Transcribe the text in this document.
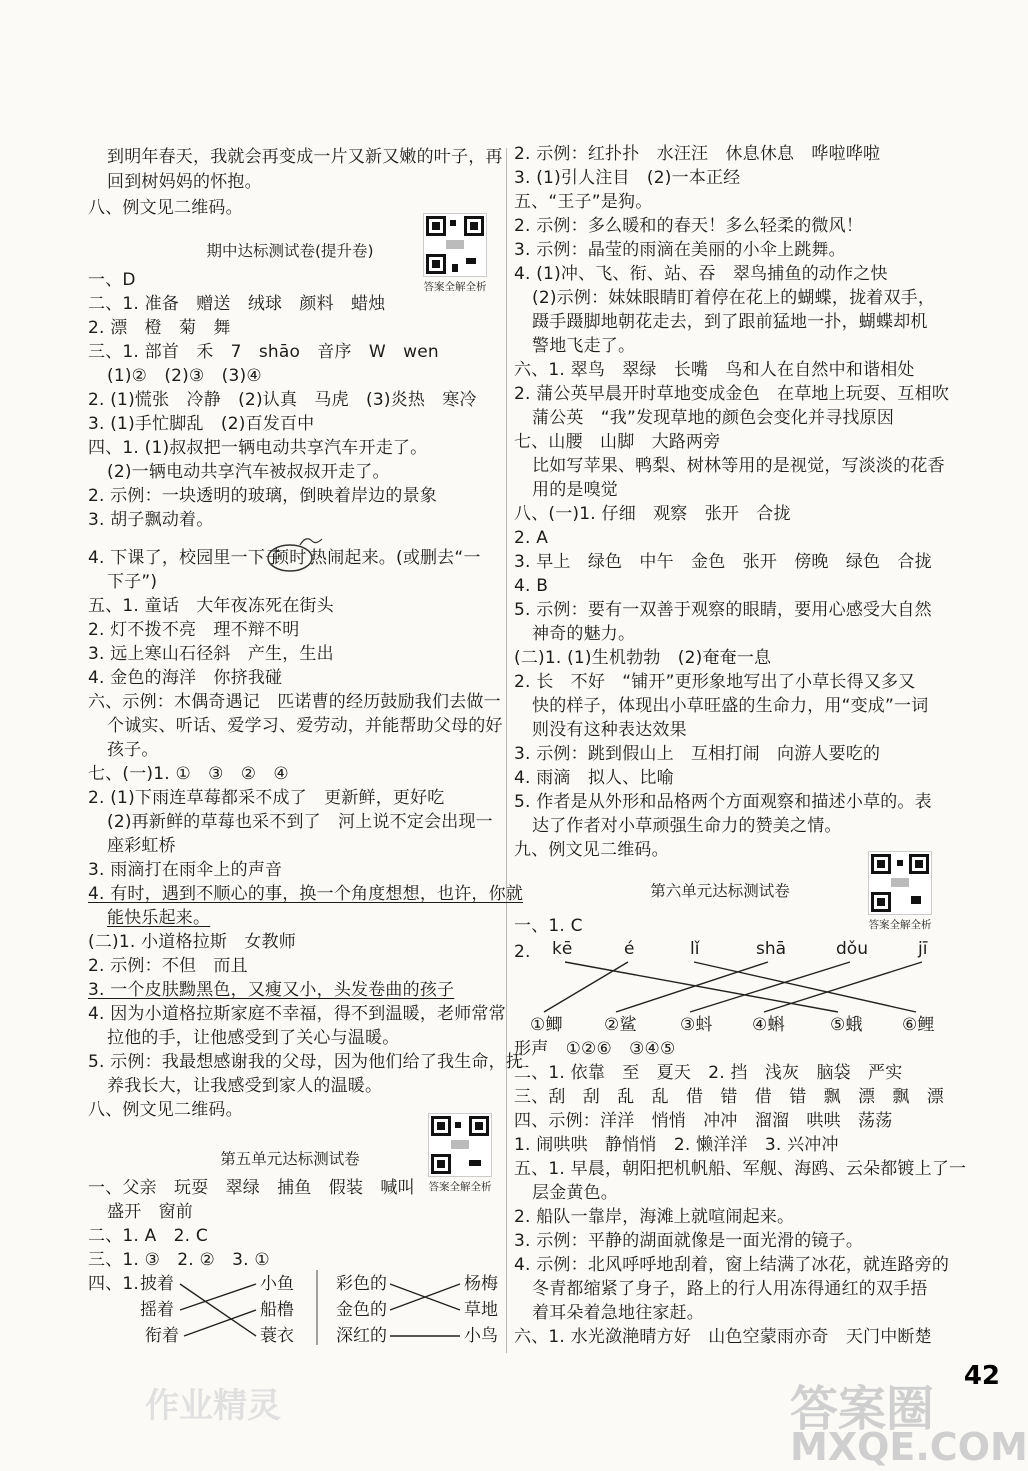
答案全解全析
答案全解全析
答案全解全析
到明年春天，我就会再变成一片又新又嫩的叶子，再
回到树妈妈的怀抱。
八、例文见二维码。
期中达标测试卷(提升卷)
一、D
二、1. 准备　赠送　绒球　颜料　蜡烛
2. 漂　橙　菊　舞
三、1. 部首　禾　7　shāo　音序　W　wen
(1)②　(2)③　(3)④
2. (1)慌张　冷静　(2)认真　马虎　(3)炎热　寒冷
3. (1)手忙脚乱　(2)百发百中
四、1. (1)叔叔把一辆电动共享汽车开走了。
(2)一辆电动共享汽车被叔叔开走了。
2. 示例：一块透明的玻璃，倒映着岸边的景象
3. 胡子飘动着。
4. 下课了，校园里一下子
顿时 热闹起来。(或删去“一
下子”)
五、1. 童话　大年夜冻死在街头
2. 灯不拨不亮　理不辩不明
3. 远上寒山石径斜　产生，生出
4. 金色的海洋　你挤我碰
六、示例：木偶奇遇记　匹诺曹的经历鼓励我们去做一
个诚实、听话、爱学习、爱劳动，并能帮助父母的好
孩子。
七、(一)1. ①　③　②　④
2. (1)下雨连草莓都采不成了　更新鲜，更好吃
(2)再新鲜的草莓也采不到了　河上说不定会出现一
座彩虹桥
3. 雨滴打在雨伞上的声音
4. 有时，遇到不顺心的事，换一个角度想想，也许，你就
能快乐起来。
(二)1. 小道格拉斯　女教师
2. 示例：不但　而且
3. 一个皮肤黝黑色，又瘦又小，头发卷曲的孩子
4. 因为小道格拉斯家庭不幸福，得不到温暖，老师常常
拉他的手，让他感受到了关心与温暖。
5. 示例：我最想感谢我的父母，因为他们给了我生命，抚
养我长大，让我感受到家人的温暖。
八、例文见二维码。
第五单元达标测试卷
一、父亲　玩耍　翠绿　捕鱼　假装　喊叫
盛开　窗前
二、1. A　2. C
三、1. ③　2. ②　3. ①
四、1. 披着
摇着
衔着
小鱼
船橹
蓑衣
彩色的
金色的
深红的
杨梅
草地
小鸟
2. 示例：红扑扑　水汪汪　休息休息　哗啦哗啦
3. (1)引人注目　(2)一本正经
五、“王子”是狗。
2. 示例：多么暖和的春天！多么轻柔的微风！
3. 示例：晶莹的雨滴在美丽的小伞上跳舞。
4. (1)冲、飞、衔、站、吞　翠鸟捕鱼的动作之快
(2)示例：妹妹眼睛盯着停在花上的蝴蝶，拢着双手，
蹑手蹑脚地朝花走去，到了跟前猛地一扑，蝴蝶却机
警地飞走了。
六、1. 翠鸟　翠绿　长嘴　鸟和人在自然中和谐相处
2. 蒲公英早晨开时草地变成金色　在草地上玩耍、互相吹
蒲公英　“我”发现草地的颜色会变化并寻找原因
七、山腰　山脚　大路两旁
比如写苹果、鸭梨、树林等用的是视觉，写淡淡的花香
用的是嗅觉
八、(一)1. 仔细　观察　张开　合拢
2. A
3. 早上　绿色　中午　金色　张开　傍晚　绿色　合拢
4. B
5. 示例：要有一双善于观察的眼睛，要用心感受大自然
神奇的魅力。
(二)1. (1)生机勃勃　(2)奄奄一息
2. 长　不好　“铺开”更形象地写出了小草长得又多又
快的样子，体现出小草旺盛的生命力，用“变成”一词
则没有这种表达效果
3. 示例：跳到假山上　互相打闹　向游人要吃的
4. 雨滴　拟人、比喻
5. 作者是从外形和品格两个方面观察和描述小草的。表
达了作者对小草顽强生命力的赞美之情。
九、例文见二维码。
第六单元达标测试卷
一、1. C
2. kē	é	lǐ	shā	dǒu	jī
①鲫 ②鲨	③蚪 ④蝌	⑤蛾 ⑥鲤
形声　①②⑥　③④⑤
二、1. 依靠　至　夏天　2. 挡　浅灰　脑袋　严实
三、刮　刮　乱　乱　借　错　借　错　飘　漂　飘　漂
四、示例：洋洋　悄悄　冲冲　溜溜　哄哄　荡荡
1. 闹哄哄　静悄悄　2. 懒洋洋　3. 兴冲冲
五、1. 早晨，朝阳把机帆船、军舰、海鸥、云朵都镀上了一
层金黄色。
2. 船队一靠岸，海滩上就喧闹起来。
3. 示例：平静的湖面就像是一面光滑的镜子。
4. 示例：北风呼呼地刮着，窗上结满了冰花，就连路旁的
冬青都缩紧了身子，路上的行人用冻得通红的双手捂
着耳朵着急地往家赶。
六、1. 水光潋滟晴方好　山色空蒙雨亦奇　天门中断楚
42
答案圈
MXQE.COM
作业精灵
